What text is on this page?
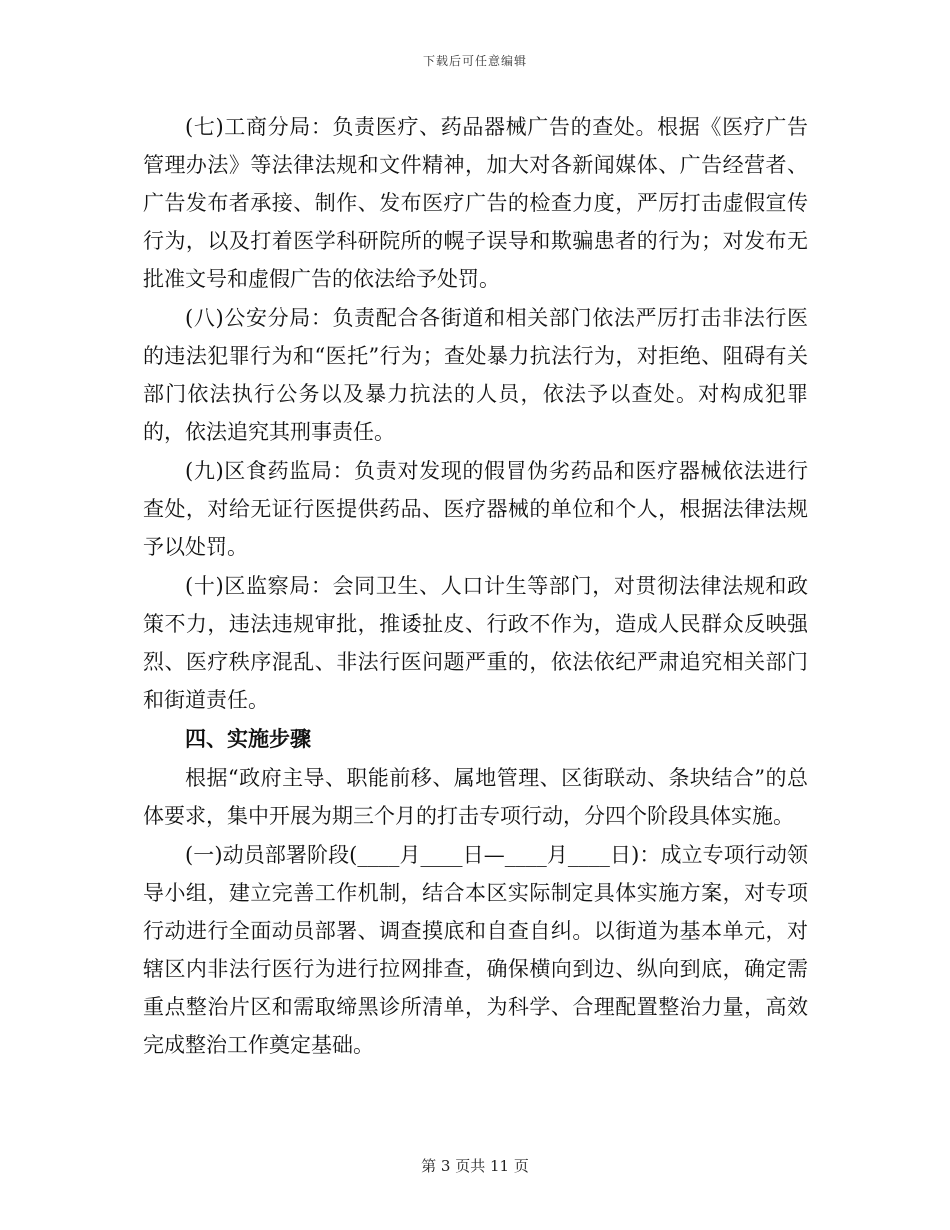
下载后可任意编辑

(七)工商分局：负责医疗、药品器械广告的查处。根据《医疗广告管理办法》等法律法规和文件精神，加大对各新闻媒体、广告经营者、广告发布者承接、制作、发布医疗广告的检查力度，严厉打击虚假宣传行为，以及打着医学科研院所的幌子误导和欺骗患者的行为；对发布无批准文号和虚假广告的依法给予处罚。

(八)公安分局：负责配合各街道和相关部门依法严厉打击非法行医的违法犯罪行为和“医托”行为；查处暴力抗法行为，对拒绝、阻碍有关部门依法执行公务以及暴力抗法的人员，依法予以查处。对构成犯罪的，依法追究其刑事责任。

(九)区食药监局：负责对发现的假冒伪劣药品和医疗器械依法进行查处，对给无证行医提供药品、医疗器械的单位和个人，根据法律法规予以处罚。

(十)区监察局：会同卫生、人口计生等部门，对贯彻法律法规和政策不力，违法违规审批，推诿扯皮、行政不作为，造成人民群众反映强烈、医疗秩序混乱、非法行医问题严重的，依法依纪严肃追究相关部门和街道责任。

四、实施步骤

根据“政府主导、职能前移、属地管理、区街联动、条块结合”的总体要求，集中开展为期三个月的打击专项行动，分四个阶段具体实施。

(一)动员部署阶段(____月____日—____月____日)：成立专项行动领导小组，建立完善工作机制，结合本区实际制定具体实施方案，对专项行动进行全面动员部署、调查摸底和自查自纠。以街道为基本单元，对辖区内非法行医行为进行拉网排查，确保横向到边、纵向到底，确定需重点整治片区和需取缔黑诊所清单，为科学、合理配置整治力量，高效完成整治工作奠定基础。

第 3 页共 11 页
